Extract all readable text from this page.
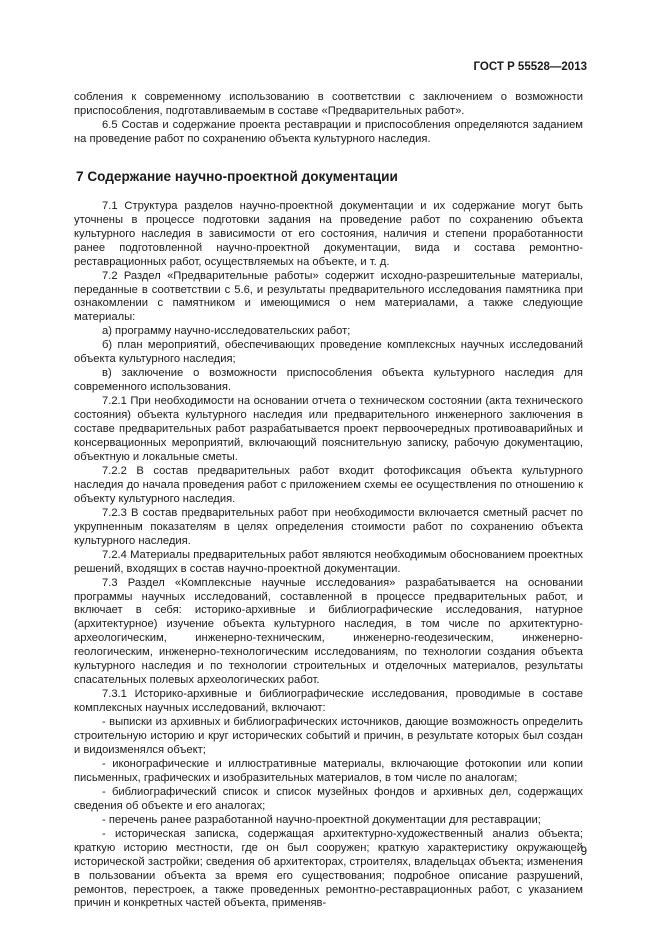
ГОСТ Р 55528—2013

собления к современному использованию в соответствии с заключением о возможности приспособления, подготавливаемым в составе «Предварительных работ».

6.5 Состав и содержание проекта реставрации и приспособления определяются заданием на проведение работ по сохранению объекта культурного наследия.

7 Содержание научно-проектной документации

7.1 Структура разделов научно-проектной документации и их содержание могут быть уточнены в процессе подготовки задания на проведение работ по сохранению объекта культурного наследия в зависимости от его состояния, наличия и степени проработанности ранее подготовленной научно-проектной документации, вида и состава ремонтно-реставрационных работ, осуществляемых на объекте, и т. д.

7.2 Раздел «Предварительные работы» содержит исходно-разрешительные материалы, переданные в соответствии с 5.6, и результаты предварительного исследования памятника при ознакомлении с памятником и имеющимися о нем материалами, а также следующие материалы:

а) программу научно-исследовательских работ;

б) план мероприятий, обеспечивающих проведение комплексных научных исследований объекта культурного наследия;

в) заключение о возможности приспособления объекта культурного наследия для современного использования.

7.2.1 При необходимости на основании отчета о техническом состоянии (акта технического состояния) объекта культурного наследия или предварительного инженерного заключения в составе предварительных работ разрабатывается проект первоочередных противоаварийных и консервационных мероприятий, включающий пояснительную записку, рабочую документацию, объектную и локальные сметы.

7.2.2 В состав предварительных работ входит фотофиксация объекта культурного наследия до начала проведения работ с приложением схемы ее осуществления по отношению к объекту культурного наследия.

7.2.3 В состав предварительных работ при необходимости включается сметный расчет по укрупненным показателям в целях определения стоимости работ по сохранению объекта культурного наследия.

7.2.4 Материалы предварительных работ являются необходимым обоснованием проектных решений, входящих в состав научно-проектной документации.

7.3 Раздел «Комплексные научные исследования» разрабатывается на основании программы научных исследований, составленной в процессе предварительных работ, и включает в себя: историко-архивные и библиографические исследования, натурное (архитектурное) изучение объекта культурного наследия, в том числе по архитектурно-археологическим, инженерно-техническим, инженерно-геодезическим, инженерно-геологическим, инженерно-технологическим исследованиям, по технологии создания объекта культурного наследия и по технологии строительных и отделочных материалов, результаты спасательных полевых археологических работ.

7.3.1 Историко-архивные и библиографические исследования, проводимые в составе комплексных научных исследований, включают:

- выписки из архивных и библиографических источников, дающие возможность определить строительную историю и круг исторических событий и причин, в результате которых был создан и видоизменялся объект;

- иконографические и иллюстративные материалы, включающие фотокопии или копии письменных, графических и изобразительных материалов, в том числе по аналогам;

- библиографический список и список музейных фондов и архивных дел, содержащих сведения об объекте и его аналогах;

- перечень ранее разработанной научно-проектной документации для реставрации;

- историческая записка, содержащая архитектурно-художественный анализ объекта; краткую историю местности, где он был сооружен; краткую характеристику окружающей исторической застройки; сведения об архитекторах, строителях, владельцах объекта; изменения в пользовании объекта за время его существования; подробное описание разрушений, ремонтов, перестроек, а также проведенных ремонтно-реставрационных работ, с указанием причин и конкретных частей объекта, применяв-

9
